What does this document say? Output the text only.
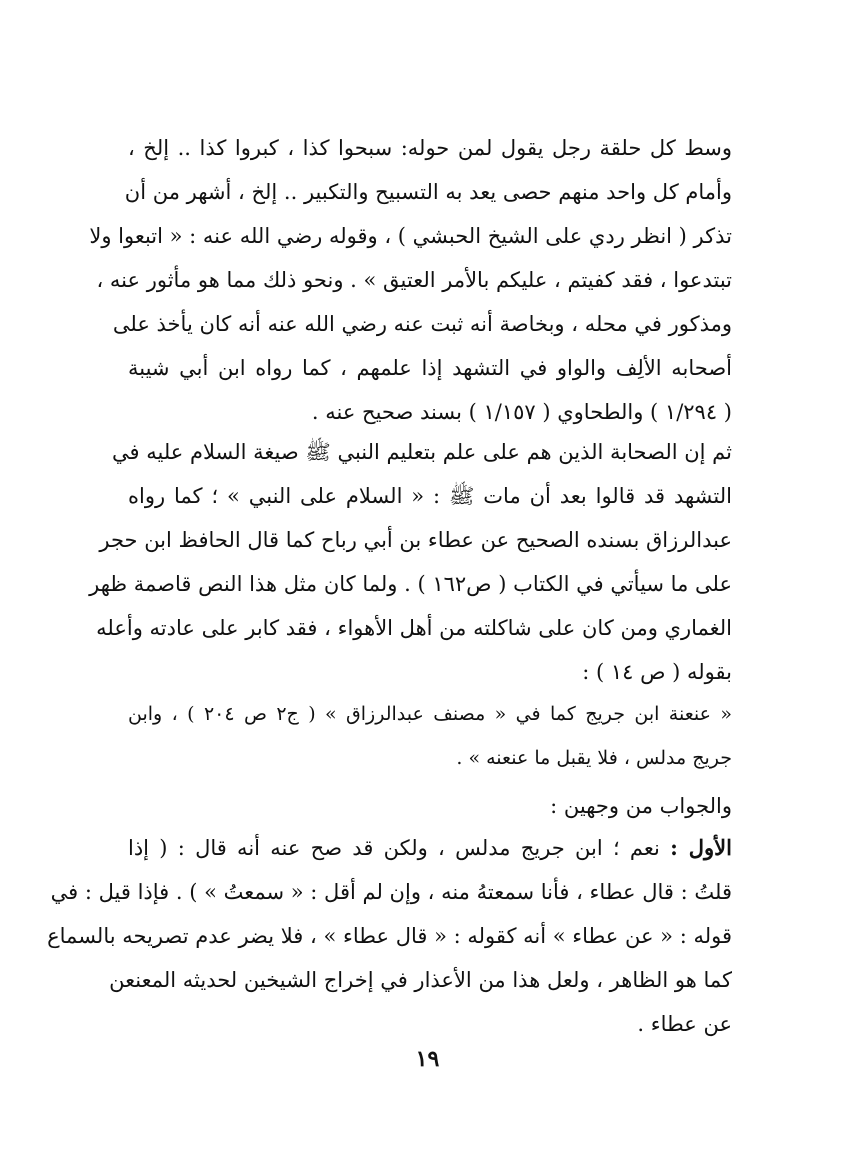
وسط كل حلقة رجل يقول لمن حوله: سبحوا كذا ، كبروا كذا .. إلخ ،
وأمام كل واحد منهم حصى يعد به التسبيح والتكبير .. إلخ ، أشهر من أن
تذكر ( انظر ردي على الشيخ الحبشي ) ، وقوله رضي الله عنه : « اتبعوا ولا
تبتدعوا ، فقد كفيتم ، عليكم بالأمر العتيق » . ونحو ذلك مما هو مأثور عنه ،
ومذكور في محله ، وبخاصة أنه ثبت عنه رضي الله عنه أنه كان يأخذ على
أصحابه الألِف والواو في التشهد إذا علمهم ، كما رواه ابن أبي شيبة
( ١/٢٩٤ ) والطحاوي ( ١/١٥٧ ) بسند صحيح عنه .
ثم إن الصحابة الذين هم على علم بتعليم النبي ﷺ صيغة السلام عليه في
التشهد قد قالوا بعد أن مات ﷺ : « السلام على النبي » ؛ كما رواه
عبدالرزاق بسنده الصحيح عن عطاء بن أبي رباح كما قال الحافظ ابن حجر
على ما سيأتي في الكتاب ( ص١٦٢ ) . ولما كان مثل هذا النص قاصمة ظهر
الغماري ومن كان على شاكلته من أهل الأهواء ، فقد كابر على عادته وأعله
بقوله ( ص ١٤ ) :
« عنعنة ابن جريج كما في « مصنف عبدالرزاق » ( ج٢ ص ٢٠٤ ) ، وابن
جريج مدلس ، فلا يقبل ما عنعنه » .
والجواب من وجهين :
الأول : نعم ؛ ابن جريج مدلس ، ولكن قد صح عنه أنه قال : ( إذا
قلتُ : قال عطاء ، فأنا سمعتهُ منه ، وإن لم أقل : « سمعتُ » ) . فإذا قيل : في
قوله : « عن عطاء » أنه كقوله : « قال عطاء » ، فلا يضر عدم تصريحه بالسماع
كما هو الظاهر ، ولعل هذا من الأعذار في إخراج الشيخين لحديثه المعنعن
عن عطاء .
١٩
